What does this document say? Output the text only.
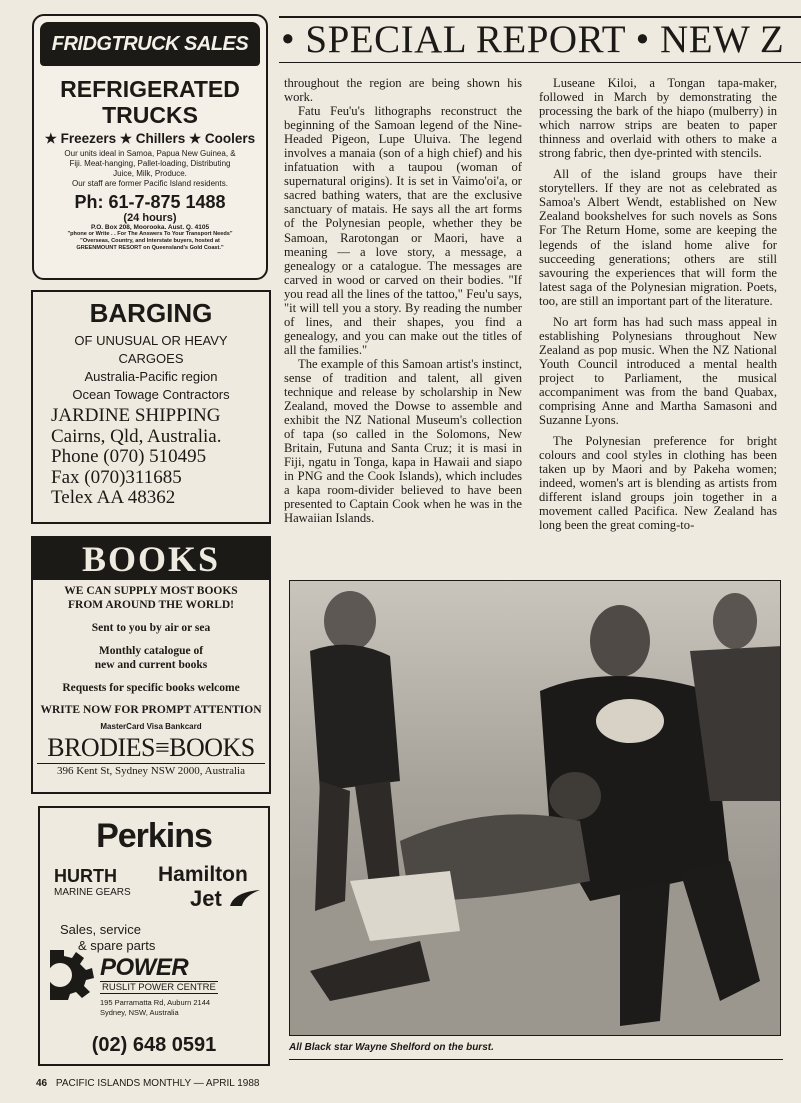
FRIDGTRUCK SALES
REFRIGERATED
TRUCKS
★ Freezers ★ Chillers ★ Coolers
Our units ideal in Samoa, Papua New Guinea, &
Fiji. Meat-hanging, Pallet-loading, Distributing
Juice, Milk, Produce.
Our staff are former Pacific Island residents.
Ph: 61-7-875 1488
(24 hours)
P.O. Box 208, Moorooka. Aust. Q. 4105
"phone or Write . . For The Answers To Your Transport Needs"
"Overseas, Country, and Interstate buyers, hosted at
GREENMOUNT RESORT on Queensland's Gold Coast."
BARGING
OF UNUSUAL OR HEAVY
CARGOES
Australia-Pacific region
Ocean Towage Contractors
JARDINE SHIPPING
Cairns, Qld, Australia.
Phone (070) 510495
Fax (070)311685
Telex AA 48362
BOOKS
WE CAN SUPPLY MOST BOOKS
FROM AROUND THE WORLD!
Sent to you by air or sea
Monthly catalogue of
new and current books
Requests for specific books welcome
WRITE NOW FOR PROMPT ATTENTION
MasterCard Visa Bankcard
BRODIES≡BOOKS
396 Kent St, Sydney NSW 2000, Australia
Perkins
HURTH
MARINE GEARS
Hamilton
Jet
Sales, service
& spare parts
POWER
RUSLIT POWER CENTRE
195 Parramatta Rd, Auburn 2144
Sydney, NSW, Australia
(02) 648 0591
• SPECIAL REPORT • NEW Z

throughout the region are being shown his work.

Fatu Feu'u's lithographs reconstruct the beginning of the Samoan legend of the Nine-Headed Pigeon, Lupe Uluiva. The legend involves a manaia (son of a high chief) and his infatuation with a taupou (woman of supernatural origins). It is set in Vaimo'oi'a, or sacred bathing waters, that are the exclusive sanctuary of matais. He says all the art forms of the Polynesian people, whether they be Samoan, Rarotongan or Maori, have a meaning — a love story, a message, a genealogy or a catalogue. The messages are carved in wood or carved on their bodies. "If you read all the lines of the tattoo," Feu'u says, "it will tell you a story. By reading the number of lines, and their shapes, you find a genealogy, and you can make out the titles of all the families."

The example of this Samoan artist's instinct, sense of tradition and talent, all given technique and release by scholarship in New Zealand, moved the Dowse to assemble and exhibit the NZ National Museum's collection of tapa (so called in the Solomons, New Britain, Futuna and Santa Cruz; it is masi in Fiji, ngatu in Tonga, kapa in Hawaii and siapo in PNG and the Cook Islands), which includes a kapa room-divider believed to have been presented to Captain Cook when he was in the Hawaiian Islands.

Luseane Kiloi, a Tongan tapa-maker, followed in March by demonstrating the processing the bark of the hiapo (mulberry) in which narrow strips are beaten to paper thinness and overlaid with others to make a strong fabric, then dye-printed with stencils.

All of the island groups have their storytellers. If they are not as celebrated as Samoa's Albert Wendt, established on New Zealand bookshelves for such novels as Sons For The Return Home, some are keeping the legends of the island home alive for succeeding generations; others are still savouring the experiences that will form the latest saga of the Polynesian migration. Poets, too, are still an important part of the literature.

No art form has had such mass appeal in establishing Polynesians throughout New Zealand as pop music. When the NZ National Youth Council introduced a mental health project to Parliament, the musical accompaniment was from the band Quabax, comprising Anne and Martha Samasoni and Suzanne Lyons.

The Polynesian preference for bright colours and cool styles in clothing has been taken up by Maori and by Pakeha women; indeed, women's art is blending as artists from different island groups join together in a movement called Pacifica. New Zealand has long been the great coming-to-

All Black star Wayne Shelford on the burst.
46 PACIFIC ISLANDS MONTHLY — APRIL 1988
